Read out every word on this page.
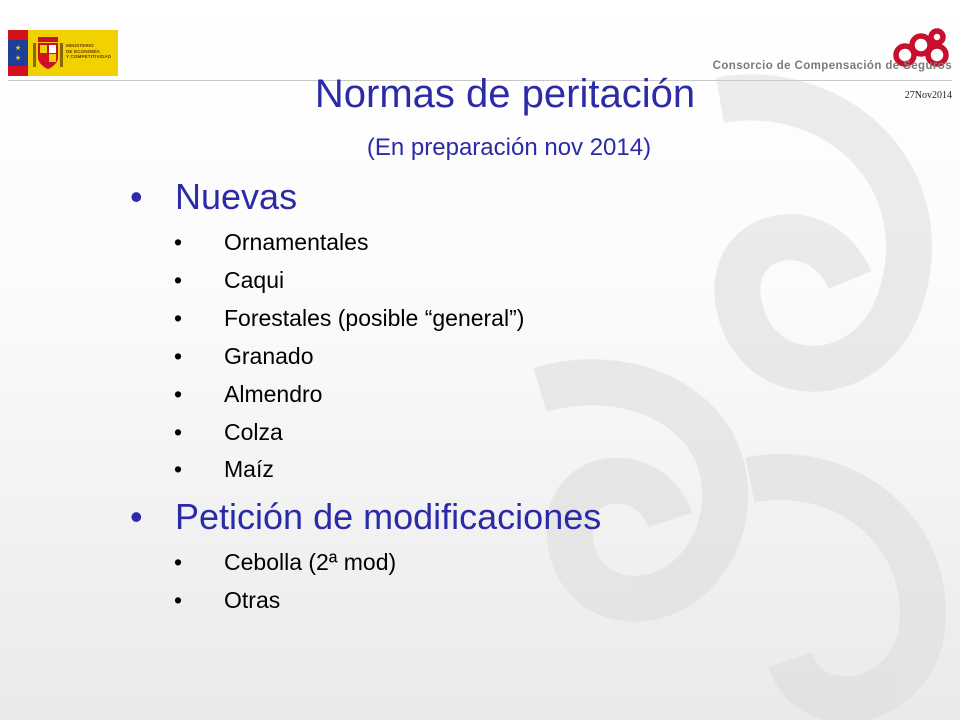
★
★
MINISTERIO
DE ECONOMÍA
Y COMPETITIVIDAD
Consorcio de Compensación de Seguros
27Nov2014
Normas de peritación
(En preparación nov 2014)
• Nuevas
• Ornamentales
• Caqui
• Forestales (posible “general”)
• Granado
• Almendro
• Colza
• Maíz
• Petición de modificaciones
• Cebolla (2ª mod)
• Otras
